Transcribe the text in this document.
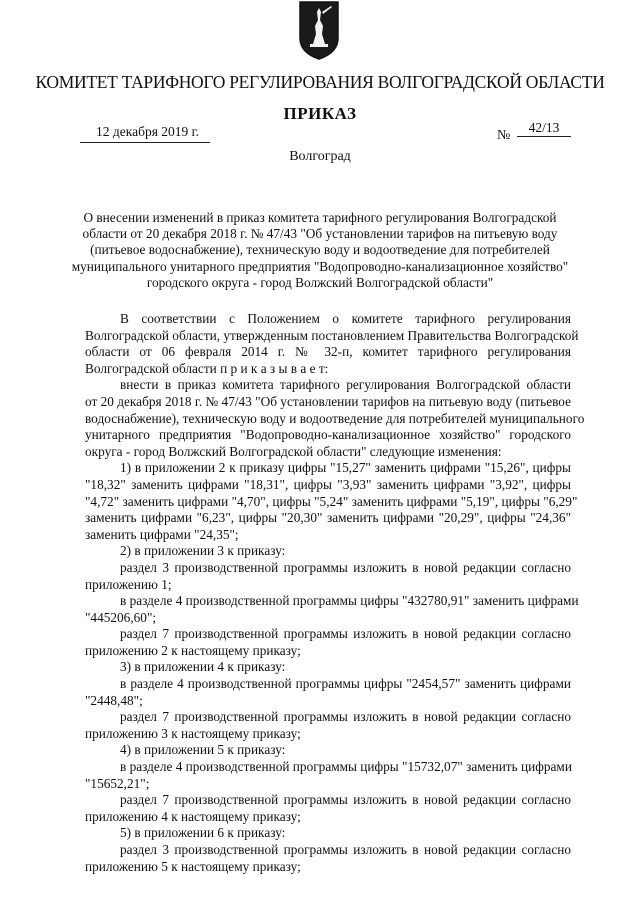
КОМИТЕТ ТАРИФНОГО РЕГУЛИРОВАНИЯ ВОЛГОГРАДСКОЙ ОБЛАСТИ
ПРИКАЗ
12 декабря 2019 г.	№
42/13
Волгоград
О внесении изменений в приказ комитета тарифного регулирования Волгоградской
области от 20 декабря 2018 г. № 47/43 "Об установлении тарифов на питьевую воду
(питьевое водоснабжение), техническую воду и водоотведение для потребителей
муниципального унитарного предприятия "Водопроводно-канализационное хозяйство"
городского округа - город Волжский Волгоградской области"
В соответствии с Положением о комитете тарифного регулирования
Волгоградской области, утвержденным постановлением Правительства Волгоградской
области от 06 февраля 2014 г. № 32-п, комитет тарифного регулирования
Волгоградской области п р и к а з ы в а е т:
внести в приказ комитета тарифного регулирования Волгоградской области
от 20 декабря 2018 г. № 47/43 "Об установлении тарифов на питьевую воду (питьевое
водоснабжение), техническую воду и водоотведение для потребителей муниципального
унитарного предприятия "Водопроводно-канализационное хозяйство" городского
округа - город Волжский Волгоградской области" следующие изменения:
1) в приложении 2 к приказу цифры "15,27" заменить цифрами "15,26", цифры
"18,32" заменить цифрами "18,31", цифры "3,93" заменить цифрами "3,92", цифры
"4,72" заменить цифрами "4,70", цифры "5,24" заменить цифрами "5,19", цифры "6,29"
заменить цифрами "6,23", цифры "20,30" заменить цифрами "20,29", цифры "24,36"
заменить цифрами "24,35";
2) в приложении 3 к приказу:
раздел 3 производственной программы изложить в новой редакции согласно
приложению 1;
в разделе 4 производственной программы цифры "432780,91" заменить цифрами
"445206,60";
раздел 7 производственной программы изложить в новой редакции согласно
приложению 2 к настоящему приказу;
3) в приложении 4 к приказу:
в разделе 4 производственной программы цифры "2454,57" заменить цифрами
"2448,48";
раздел 7 производственной программы изложить в новой редакции согласно
приложению 3 к настоящему приказу;
4) в приложении 5 к приказу:
в разделе 4 производственной программы цифры "15732,07" заменить цифрами
"15652,21";
раздел 7 производственной программы изложить в новой редакции согласно
приложению 4 к настоящему приказу;
5) в приложении 6 к приказу:
раздел 3 производственной программы изложить в новой редакции согласно
приложению 5 к настоящему приказу;
